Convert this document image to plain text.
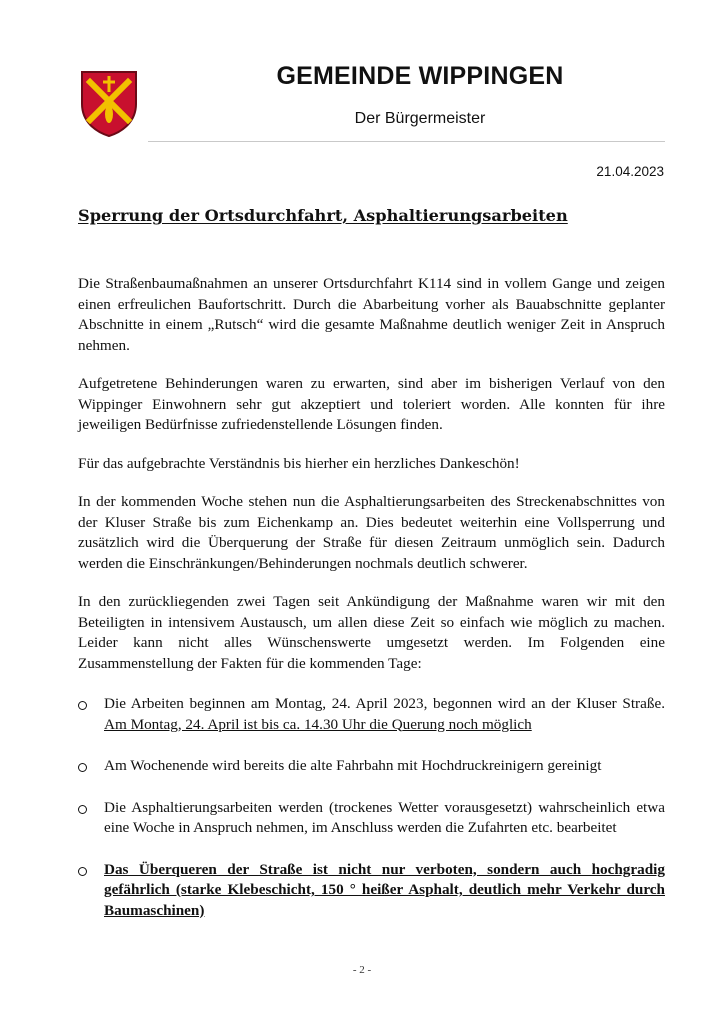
GEMEINDE WIPPINGEN
Der Bürgermeister
21.04.2023
Sperrung der Ortsdurchfahrt, Asphaltierungsarbeiten

Die Straßenbaumaßnahmen an unserer Ortsdurchfahrt K114 sind in vollem Gange und zeigen einen erfreulichen Baufortschritt. Durch die Abarbeitung vorher als Bauabschnitte geplanter Abschnitte in einem „Rutsch“ wird die gesamte Maßnahme deutlich weniger Zeit in Anspruch nehmen.

Aufgetretene Behinderungen waren zu erwarten, sind aber im bisherigen Verlauf von den Wippinger Einwohnern sehr gut akzeptiert und toleriert worden. Alle konnten für ihre jeweiligen Bedürfnisse zufriedenstellende Lösungen finden.

Für das aufgebrachte Verständnis bis hierher ein herzliches Dankeschön!

In der kommenden Woche stehen nun die Asphaltierungsarbeiten des Streckenabschnittes von der Kluser Straße bis zum Eichenkamp an. Dies bedeutet weiterhin eine Vollsperrung und zusätzlich wird die Überquerung der Straße für diesen Zeitraum unmöglich sein. Dadurch werden die Einschränkungen/Behinderungen nochmals deutlich schwerer.

In den zurückliegenden zwei Tagen seit Ankündigung der Maßnahme waren wir mit den Beteiligten in intensivem Austausch, um allen diese Zeit so einfach wie möglich zu machen. Leider kann nicht alles Wünschenswerte umgesetzt werden. Im Folgenden eine Zusammenstellung der Fakten für die kommenden Tage:

Die Arbeiten beginnen am Montag, 24. April 2023, begonnen wird an der Kluser Straße. Am Montag, 24. April ist bis ca. 14.30 Uhr die Querung noch möglich
Am Wochenende wird bereits die alte Fahrbahn mit Hochdruckreinigern gereinigt
Die Asphaltierungsarbeiten werden (trockenes Wetter vorausgesetzt) wahrscheinlich etwa eine Woche in Anspruch nehmen, im Anschluss werden die Zufahrten etc. bearbeitet
Das Überqueren der Straße ist nicht nur verboten, sondern auch hochgradig gefährlich (starke Klebeschicht, 150 ° heißer Asphalt, deutlich mehr Verkehr durch Baumaschinen)
- 2 -
